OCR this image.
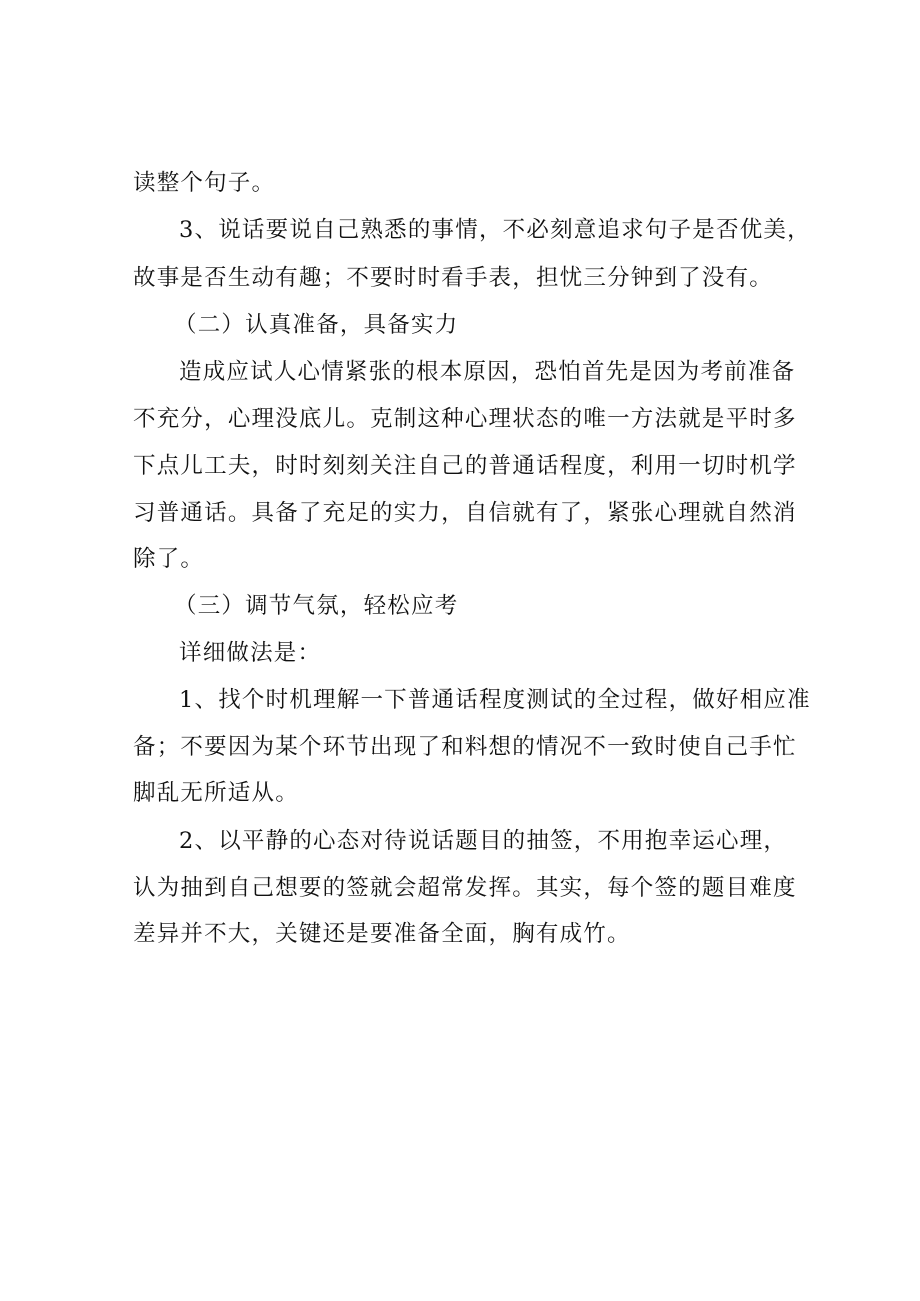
读整个句子。
3 、 说 话 要 说 自 己 熟 悉 的 事 情 ， 不 必 刻 意 追 求 句 子 是 否 优 美 ，
故 事 是 否 生 动 有 趣 ； 不 要 时 时 看 手 表 ， 担 忧 三 分 钟 到 了 没 有 。
（二）认真准备，具备实力
造 成 应 试 人 心 情 紧 张 的 根 本 原 因 ， 恐 怕 首 先 是 因 为 考 前 准 备
不 充 分 ， 心 理 没 底 儿 。 克 制 这 种 心 理 状 态 的 唯 一 方 法 就 是 平 时 多
下 点 儿 工 夫 ， 时 时 刻 刻 关 注 自 己 的 普 通 话 程 度 ， 利 用 一 切 时 机 学
习 普 通 话 。 具 备 了 充 足 的 实 力 ， 自 信 就 有 了 ， 紧 张 心 理 就 自 然 消
除了。
（三）调节气氛，轻松应考
详细做法是：
1 、 找 个 时 机 理 解 一 下 普 通 话 程 度 测 试 的 全 过 程 ， 做 好 相 应 准
备 ； 不 要 因 为 某 个 环 节 出 现 了 和 料 想 的 情 况 不 一 致 时 使 自 己 手 忙
脚乱无所适从。
2 、 以 平 静 的 心 态 对 待 说 话 题 目 的 抽 签 ， 不 用 抱 幸 运 心 理 ，
认 为 抽 到 自 己 想 要 的 签 就 会 超 常 发 挥 。 其 实 ， 每 个 签 的 题 目 难 度
差异并不大，关键还是要准备全面，胸有成竹。
